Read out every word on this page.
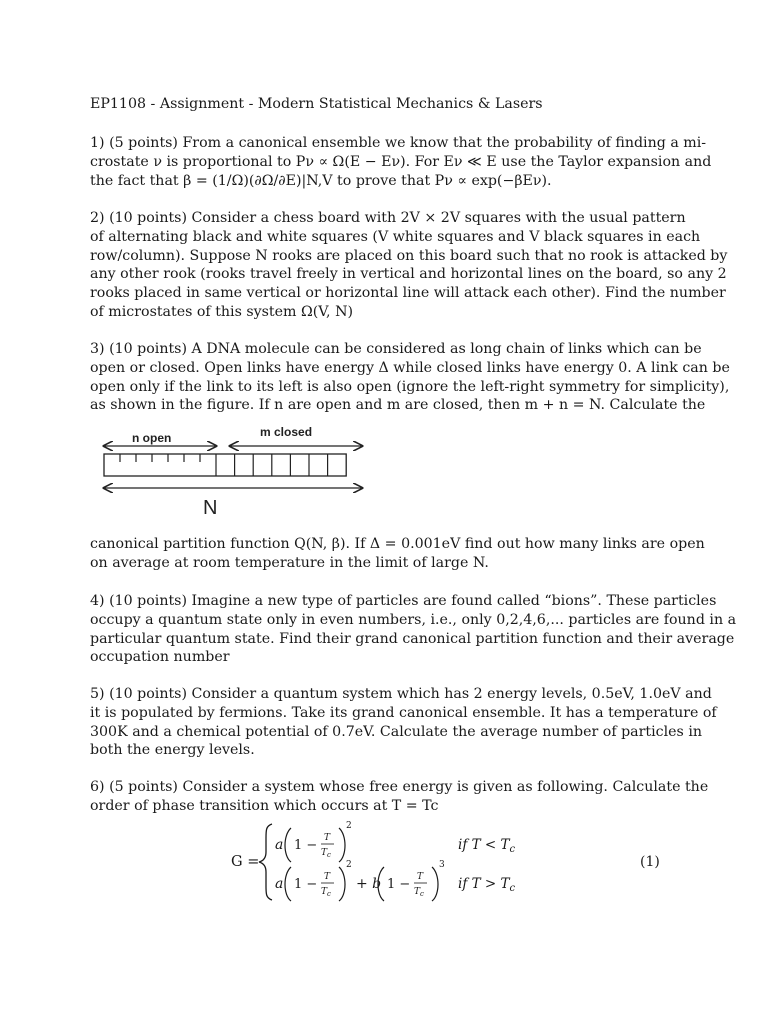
EP1108 - Assignment - Modern Statistical Mechanics & Lasers
1) (5 points) From a canonical ensemble we know that the probability of finding a mi-
crostate ν is proportional to Pν ∝ Ω(E − Eν). For Eν ≪ E use the Taylor expansion and
the fact that β = (1/Ω)(∂Ω/∂E)|N,V to prove that Pν ∝ exp(−βEν).
2) (10 points) Consider a chess board with 2V × 2V squares with the usual pattern
of alternating black and white squares (V white squares and V black squares in each
row/column). Suppose N rooks are placed on this board such that no rook is attacked by
any other rook (rooks travel freely in vertical and horizontal lines on the board, so any 2
rooks placed in same vertical or horizontal line will attack each other). Find the number
of microstates of this system Ω(V, N)
3) (10 points) A DNA molecule can be considered as long chain of links which can be
open or closed. Open links have energy Δ while closed links have energy 0. A link can be
open only if the link to its left is also open (ignore the left-right symmetry for simplicity),
as shown in the figure. If n are open and m are closed, then m + n = N. Calculate the
canonical partition function Q(N, β). If Δ = 0.001eV find out how many links are open
on average at room temperature in the limit of large N.
4) (10 points) Imagine a new type of particles are found called “bions”. These particles
occupy a quantum state only in even numbers, i.e., only 0,2,4,6,... particles are found in a
particular quantum state. Find their grand canonical partition function and their average
occupation number
5) (10 points) Consider a quantum system which has 2 energy levels, 0.5eV, 1.0eV and
it is populated by fermions. Take its grand canonical ensemble. It has a temperature of
300K and a chemical potential of 0.7eV. Calculate the average number of particles in
both the energy levels.
6) (5 points) Consider a system whose free energy is given as following. Calculate the
order of phase transition which occurs at T = Tc
n open	m closed
N
G =
a 1 − T
$T_c$
2
if $T < T_c$
a 1 − T
$T_c$
2
+ b 1 − T
$T_c$
3
if $T > T_c$
(1)
